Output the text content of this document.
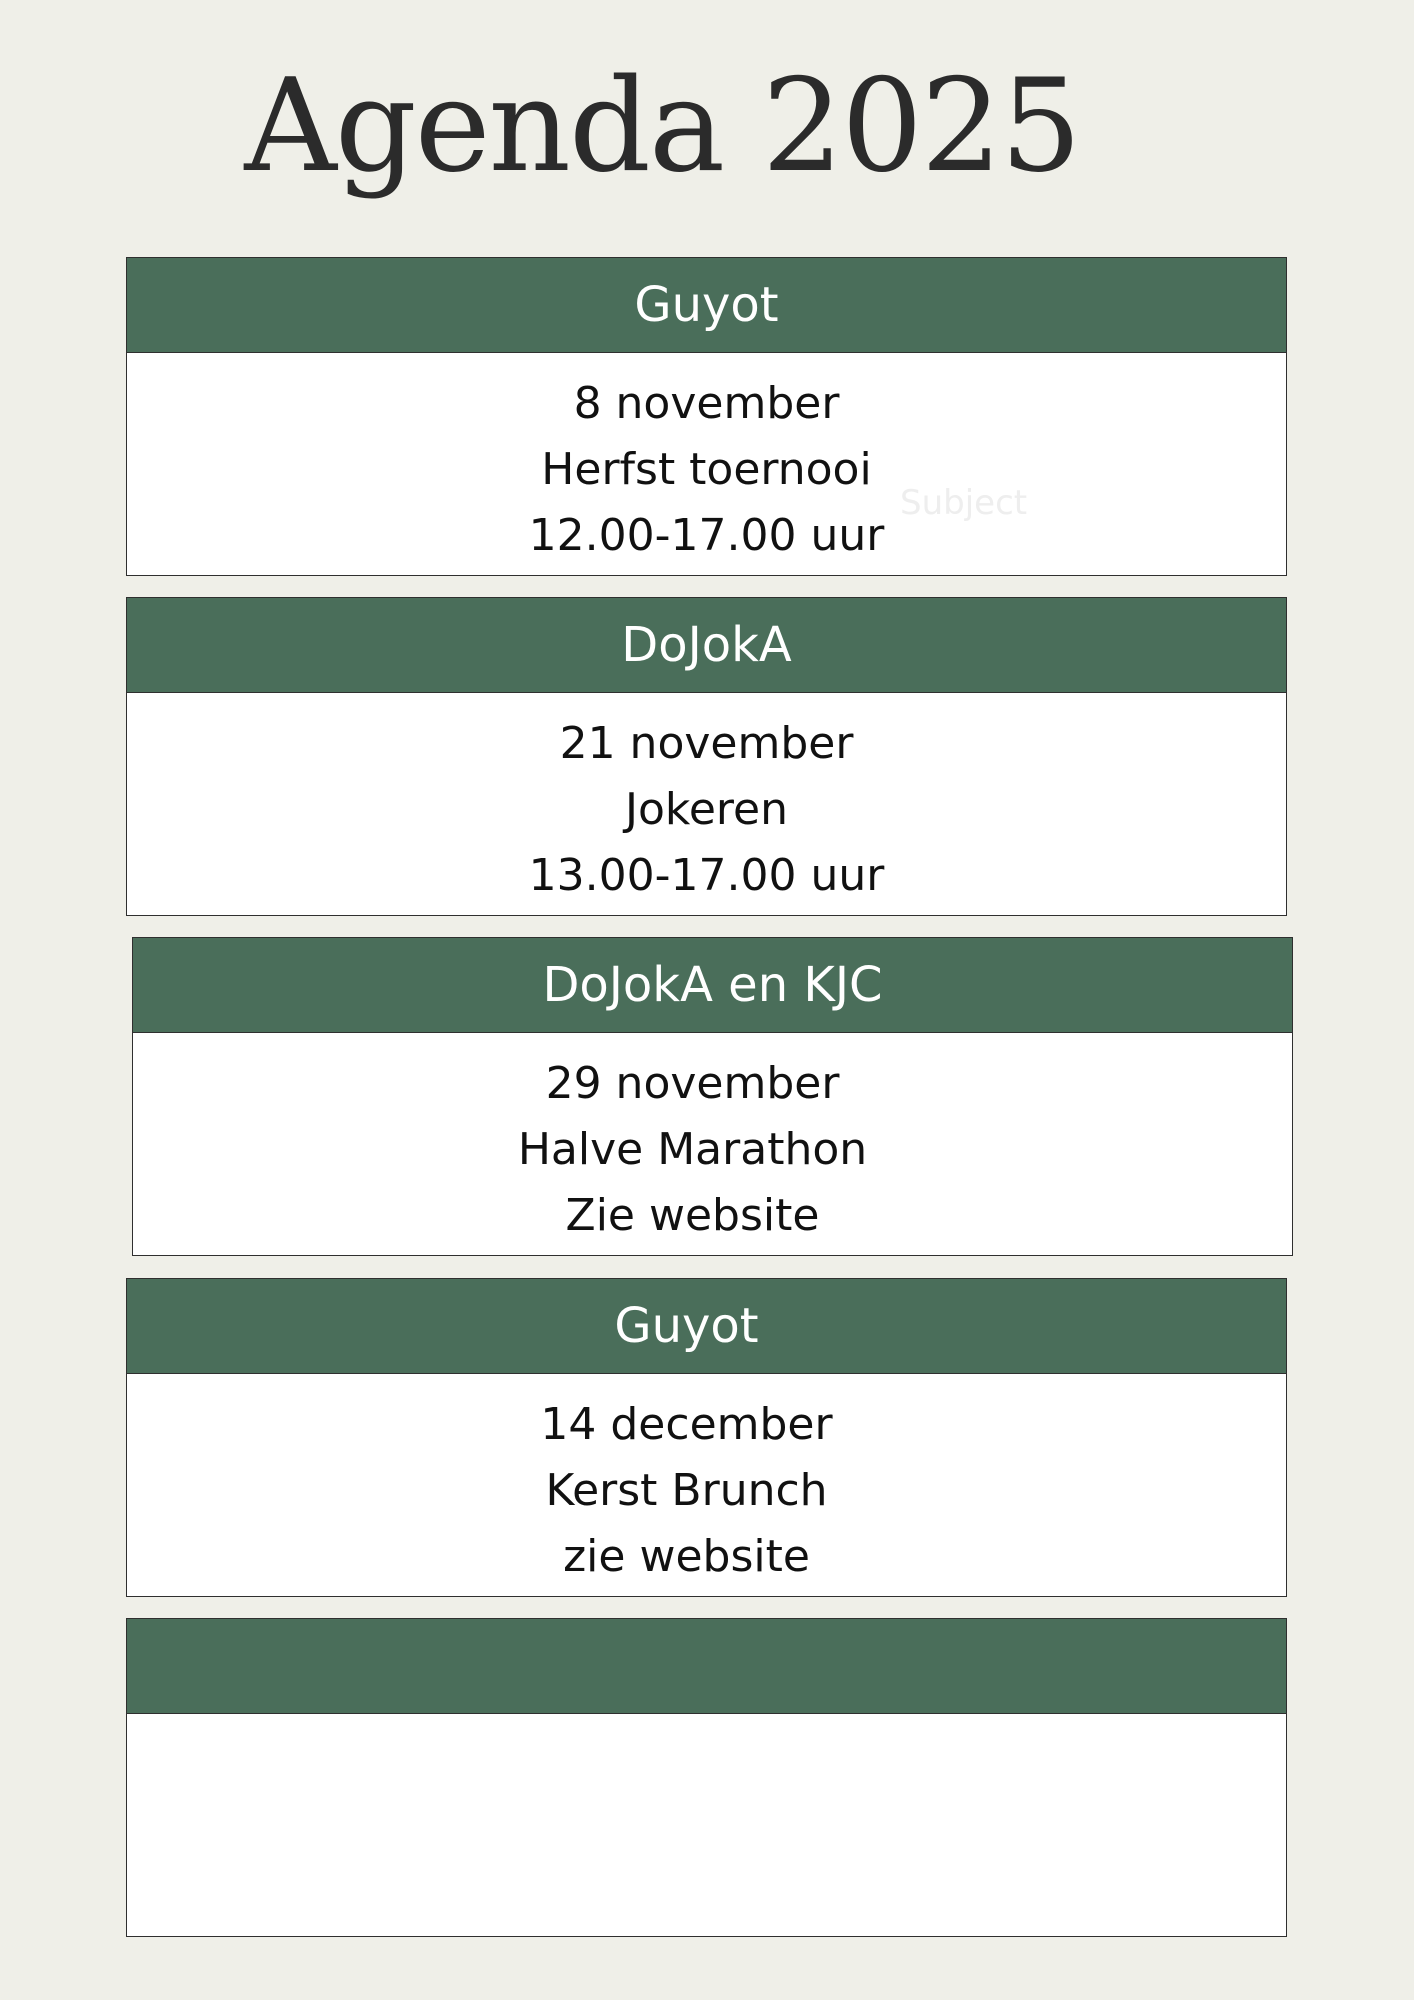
Agenda 2025
Guyot
8 november
Herfst toernooi
12.00-17.00 uur
Subject
DoJokA
21 november
Jokeren
13.00-17.00 uur
DoJokA en KJC
29 november
Halve Marathon
Zie website
Guyot
14 december
Kerst Brunch
zie website
